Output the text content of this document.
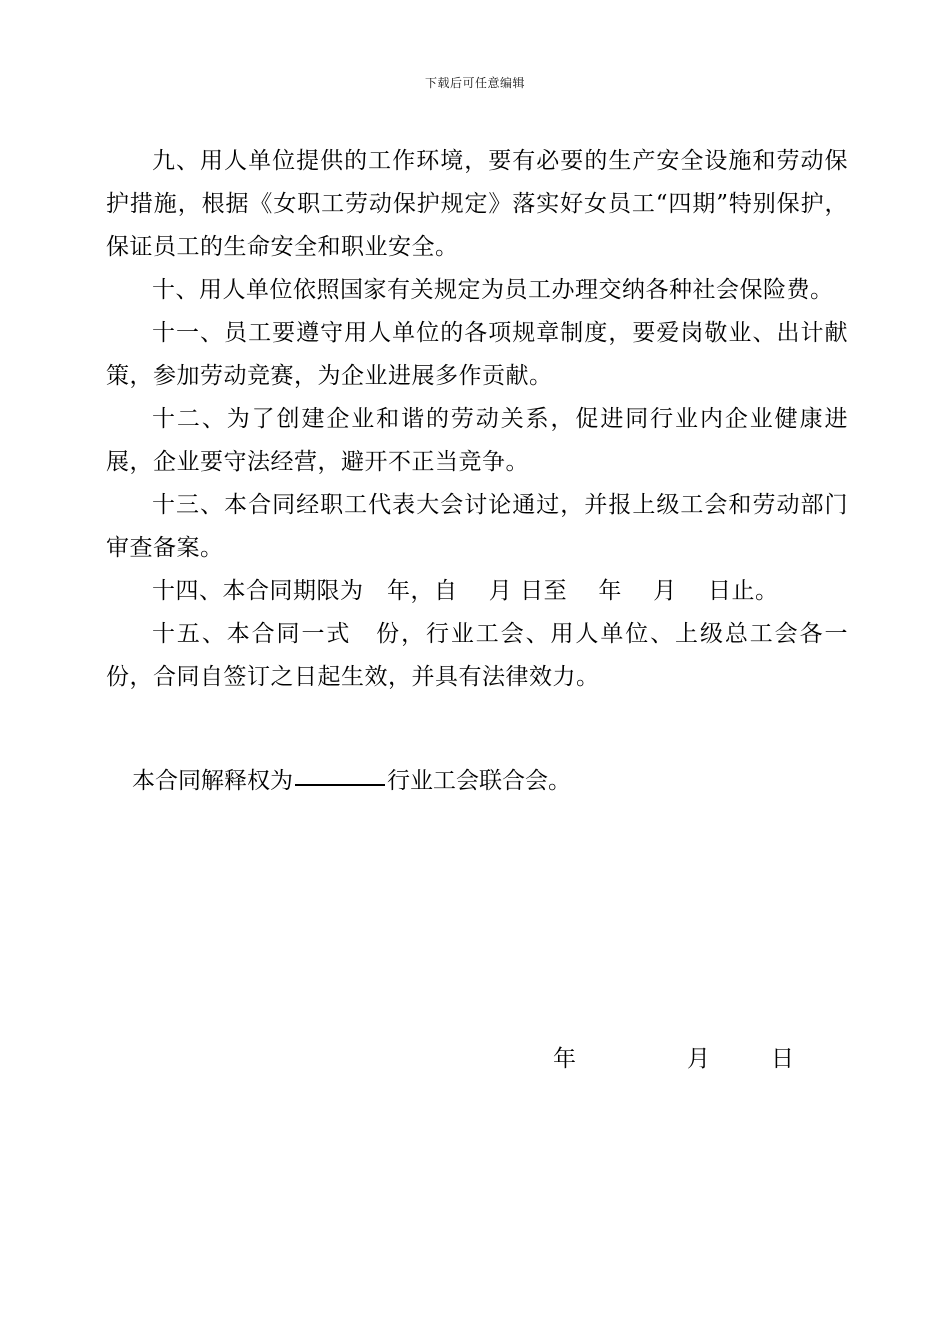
下载后可任意编辑

九、用人单位提供的工作环境，要有必要的生产安全设施和劳动保护措施，根据《女职工劳动保护规定》落实好女员工“四期”特别保护，保证员工的生命安全和职业安全。

十、用人单位依照国家有关规定为员工办理交纳各种社会保险费。

十一、员工要遵守用人单位的各项规章制度，要爱岗敬业、出计献策，参加劳动竞赛，为企业进展多作贡献。

十二、为了创建企业和谐的劳动关系，促进同行业内企业健康进展，企业要守法经营，避开不正当竞争。

十三、本合同经职工代表大会讨论通过，并报上级工会和劳动部门审查备案。

十四、本合同期限为　年，自　 月 日至　 年　 月　 日止。

十五、本合同一式　份，行业工会、用人单位、上级总工会各一份，合同自签订之日起生效，并具有法律效力。

本合同解释权为	行业工会联合会。
年	月	日
